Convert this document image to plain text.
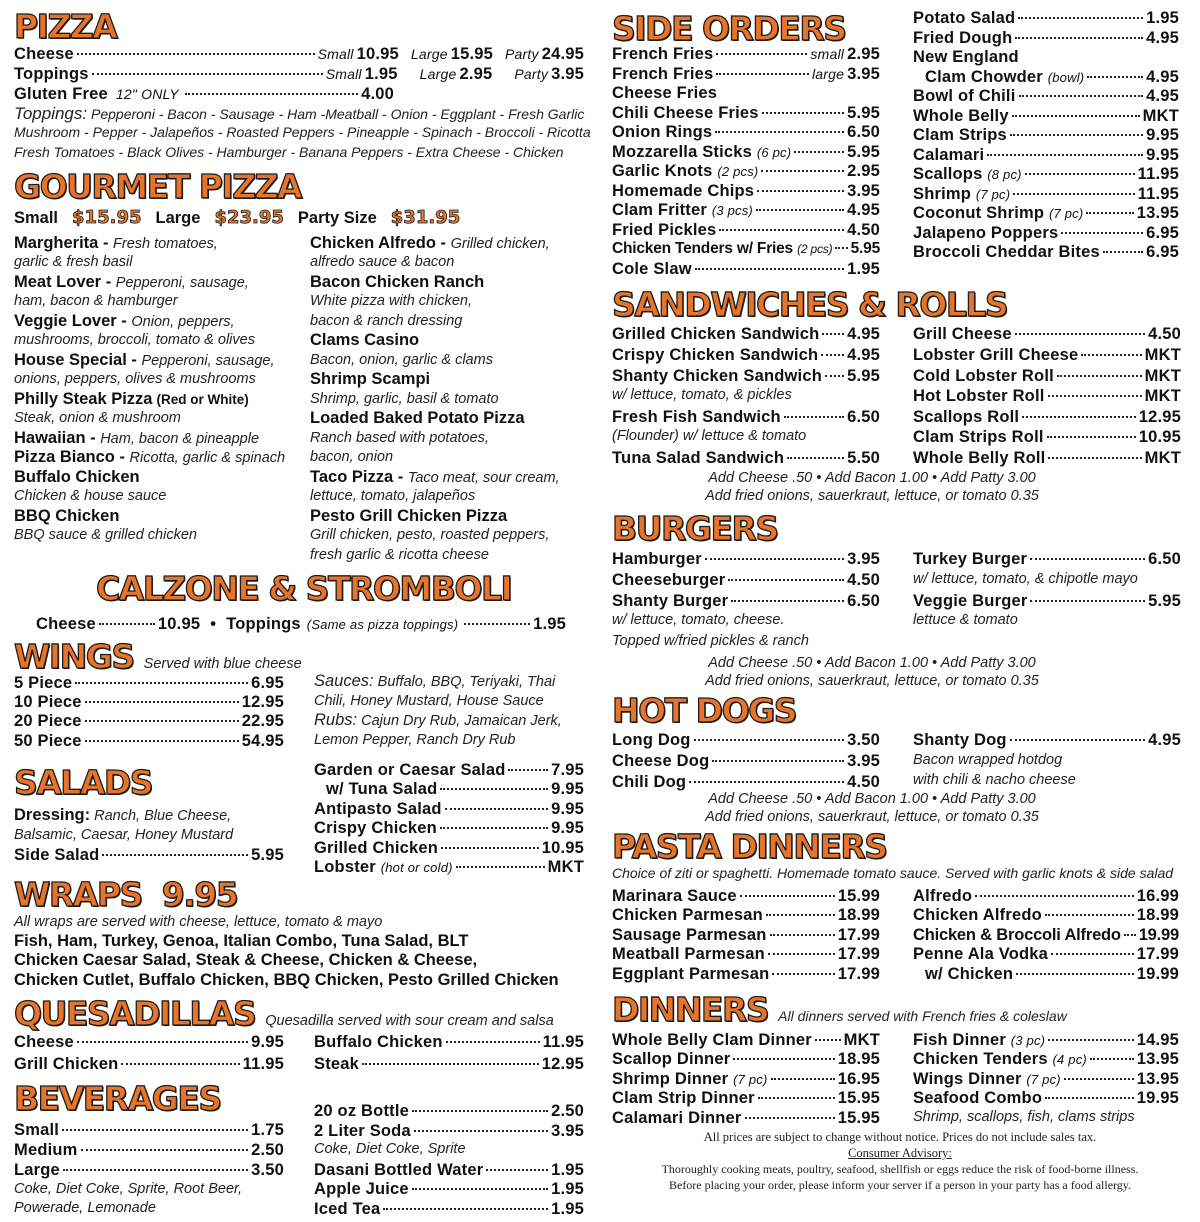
PIZZA
Cheese	Small 10.95 Large 15.95 Party 24.95
Toppings	Small 1.95 Large 2.95 Party 3.95
Gluten Free 12" ONLY	4.00
Toppings: Pepperoni - Bacon - Sausage - Ham -Meatball - Onion - Eggplant - Fresh Garlic
Mushroom - Pepper - Jalapeños - Roasted Peppers - Pineapple - Spinach - Broccoli - Ricotta
Fresh Tomatoes - Black Olives - Hamburger - Banana Peppers - Extra Cheese - Chicken
GOURMET PIZZA
Small $15.95 Large $23.95 Party Size $31.95
Margherita - Fresh tomatoes,
garlic & fresh basil
Meat Lover - Pepperoni, sausage,
ham, bacon & hamburger
Veggie Lover - Onion, peppers,
mushrooms, broccoli, tomato & olives
House Special - Pepperoni, sausage,
onions, peppers, olives & mushrooms
Philly Steak Pizza (Red or White)
Steak, onion & mushroom
Hawaiian - Ham, bacon & pineapple
Pizza Bianco - Ricotta, garlic & spinach
Buffalo Chicken
Chicken & house sauce
BBQ Chicken
BBQ sauce & grilled chicken
Chicken Alfredo - Grilled chicken,
alfredo sauce & bacon
Bacon Chicken Ranch
White pizza with chicken,
bacon & ranch dressing
Clams Casino
Bacon, onion, garlic & clams
Shrimp Scampi
Shrimp, garlic, basil & tomato
Loaded Baked Potato Pizza
Ranch based with potatoes,
bacon, onion
Taco Pizza - Taco meat, sour cream,
lettuce, tomato, jalapeños
Pesto Grill Chicken Pizza
Grill chicken, pesto, roasted peppers,
fresh garlic & ricotta cheese
CALZONE & STROMBOLI
Cheese	10.95 • Toppings (Same as pizza toppings)	1.95
WINGS Served with blue cheese
5 Piece	6.95
10 Piece	12.95
20 Piece	22.95
50 Piece	54.95
Sauces: Buffalo, BBQ, Teriyaki, Thai
Chili, Honey Mustard, House Sauce
Rubs: Cajun Dry Rub, Jamaican Jerk,
Lemon Pepper, Ranch Dry Rub
SALADS
Dressing: Ranch, Blue Cheese,
Balsamic, Caesar, Honey Mustard
Side Salad	5.95
Garden or Caesar Salad	7.95
w/ Tuna Salad	9.95
Antipasto Salad	9.95
Crispy Chicken	9.95
Grilled Chicken	10.95
Lobster (hot or cold)	MKT
WRAPS 9.95
All wraps are served with cheese, lettuce, tomato & mayo
Fish, Ham, Turkey, Genoa, Italian Combo, Tuna Salad, BLT
Chicken Caesar Salad, Steak & Cheese, Chicken & Cheese,
Chicken Cutlet, Buffalo Chicken, BBQ Chicken, Pesto Grilled Chicken
QUESADILLAS Quesadilla served with sour cream and salsa
Cheese	9.95
Grill Chicken	11.95
Buffalo Chicken	11.95
Steak	12.95
BEVERAGES
Small	1.75
Medium	2.50
Large	3.50
Coke, Diet Coke, Sprite, Root Beer,
Powerade, Lemonade
20 oz Bottle	2.50
2 Liter Soda	3.95
Coke, Diet Coke, Sprite
Dasani Bottled Water	1.95
Apple Juice	1.95
Iced Tea	1.95
SIDE ORDERS
French Fries	small 2.95
French Fries	large 3.95
Cheese Fries
Chili Cheese Fries	5.95
Onion Rings	6.50
Mozzarella Sticks (6 pc)	5.95
Garlic Knots (2 pcs)	2.95
Homemade Chips	3.95
Clam Fritter (3 pcs)	4.95
Fried Pickles	4.50
Chicken Tenders w/ Fries (2 pcs) 5.95
Cole Slaw	1.95
Potato Salad	1.95
Fried Dough	4.95
New England
Clam Chowder (bowl)	4.95
Bowl of Chili	4.95
Whole Belly	MKT
Clam Strips	9.95
Calamari	9.95
Scallops (8 pc)	11.95
Shrimp (7 pc)	11.95
Coconut Shrimp (7 pc)	13.95
Jalapeno Poppers	6.95
Broccoli Cheddar Bites	6.95
SANDWICHES & ROLLS
Grilled Chicken Sandwich 4.95
Crispy Chicken Sandwich 4.95
Shanty Chicken Sandwich 5.95
w/ lettuce, tomato, & pickles
Fresh Fish Sandwich	6.50
(Flounder) w/ lettuce & tomato
Tuna Salad Sandwich	5.50
Grill Cheese	4.50
Lobster Grill Cheese	MKT
Cold Lobster Roll	MKT
Hot Lobster Roll	MKT
Scallops Roll	12.95
Clam Strips Roll	10.95
Whole Belly Roll	MKT
Add Cheese .50 • Add Bacon 1.00 • Add Patty 3.00
Add fried onions, sauerkraut, lettuce, or tomato 0.35
BURGERS
Hamburger	3.95
Cheeseburger	4.50
Shanty Burger	6.50
w/ lettuce, tomato, cheese.
Topped w/fried pickles & ranch
Turkey Burger	6.50
w/ lettuce, tomato, & chipotle mayo
Veggie Burger	5.95
lettuce & tomato
Add Cheese .50 • Add Bacon 1.00 • Add Patty 3.00
Add fried onions, sauerkraut, lettuce, or tomato 0.35
HOT DOGS
Long Dog	3.50
Cheese Dog	3.95
Chili Dog	4.50
Shanty Dog	4.95
Bacon wrapped hotdog
with chili & nacho cheese
Add Cheese .50 • Add Bacon 1.00 • Add Patty 3.00
Add fried onions, sauerkraut, lettuce, or tomato 0.35
PASTA DINNERS
Choice of ziti or spaghetti. Homemade tomato sauce. Served with garlic knots & side salad
Marinara Sauce	15.99
Chicken Parmesan	18.99
Sausage Parmesan	17.99
Meatball Parmesan	17.99
Eggplant Parmesan	17.99
Alfredo	16.99
Chicken Alfredo	18.99
Chicken & Broccoli Alfredo 19.99
Penne Ala Vodka	17.99
w/ Chicken	19.99
DINNERS All dinners served with French fries & coleslaw
Whole Belly Clam Dinner MKT
Scallop Dinner	18.95
Shrimp Dinner (7 pc)	16.95
Clam Strip Dinner	15.95
Calamari Dinner	15.95
Fish Dinner (3 pc)	14.95
Chicken Tenders (4 pc)	13.95
Wings Dinner (7 pc)	13.95
Seafood Combo	19.95
Shrimp, scallops, fish, clams strips
All prices are subject to change without notice. Prices do not include sales tax.
Consumer Advisory:
Thoroughly cooking meats, poultry, seafood, shellfish or eggs reduce the risk of food-borne illness.
Before placing your order, please inform your server if a person in your party has a food allergy.
